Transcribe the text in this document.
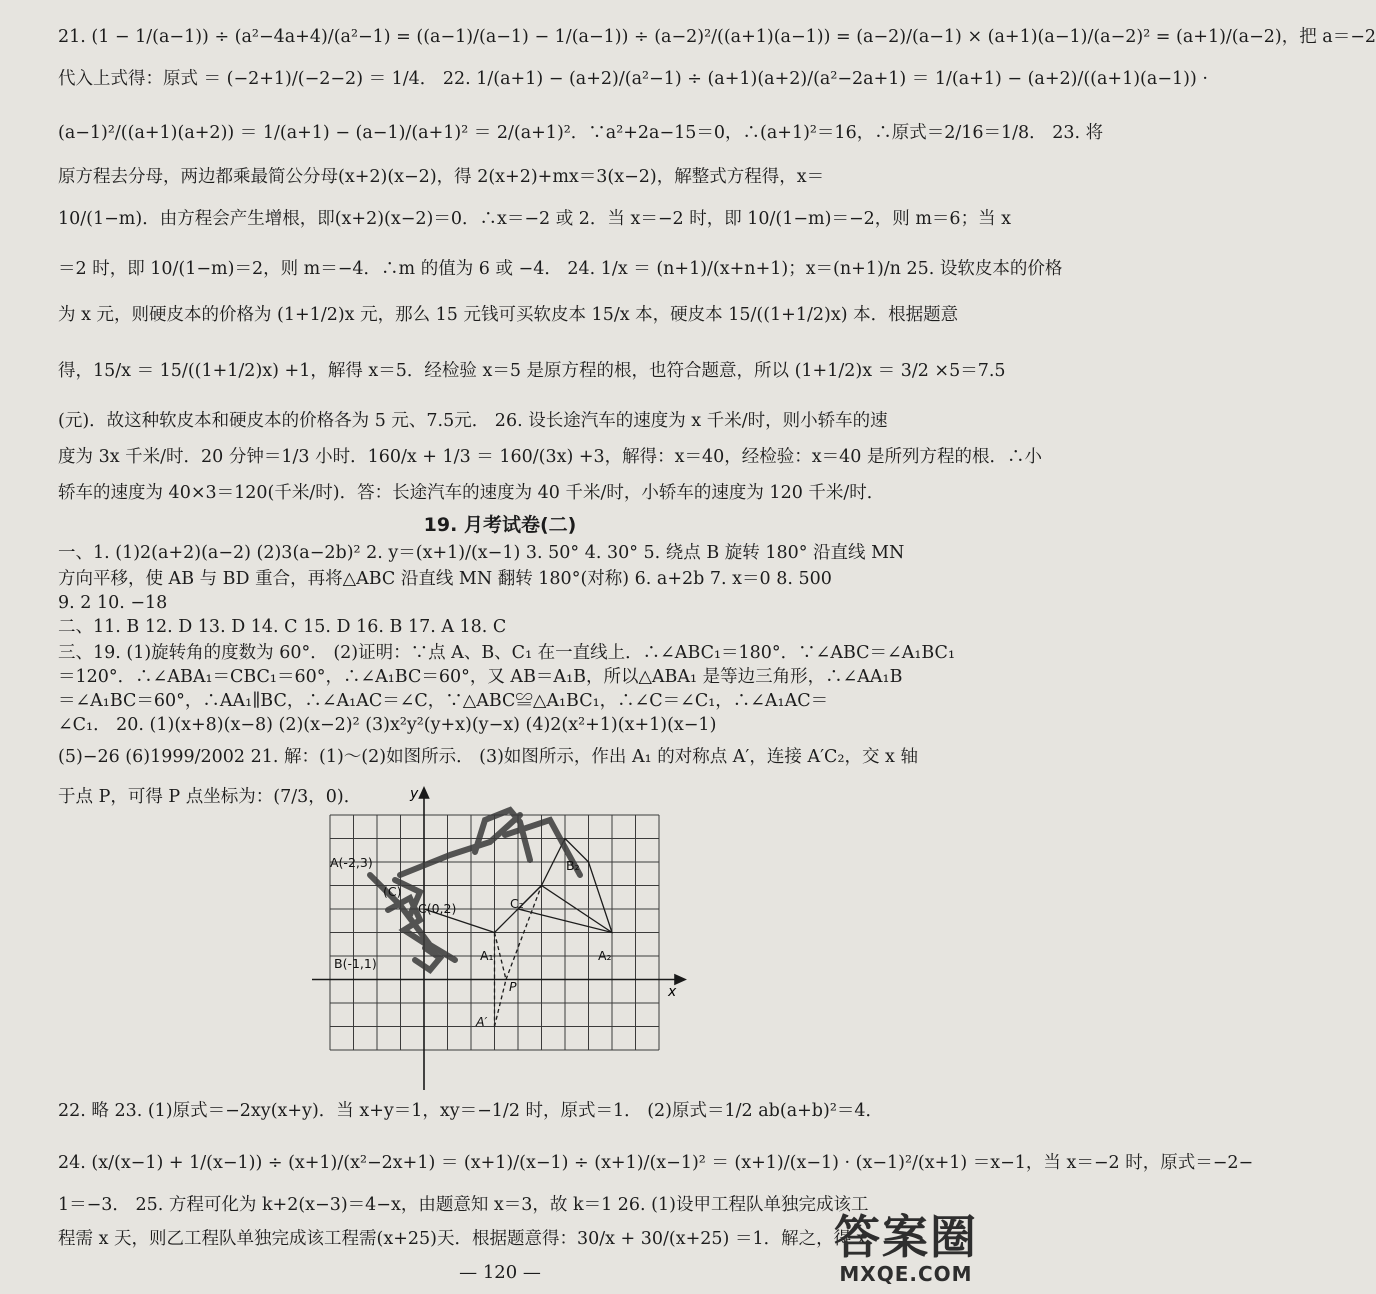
21. (1 − 1/(a−1)) ÷ (a²−4a+4)/(a²−1) = ((a−1)/(a−1) − 1/(a−1)) ÷ (a−2)²/((a+1)(a−1)) = (a−2)/(a−1) × (a+1)(a−1)/(a−2)² = (a+1)/(a−2)，把 a＝−2
代入上式得：原式 ＝ (−2+1)/(−2−2) ＝ 1/4． 22. 1/(a+1) − (a+2)/(a²−1) ÷ (a+1)(a+2)/(a²−2a+1) ＝ 1/(a+1) − (a+2)/((a+1)(a−1)) ·
(a−1)²/((a+1)(a+2)) ＝ 1/(a+1) − (a−1)/(a+1)² ＝ 2/(a+1)²．∵a²+2a−15＝0，∴(a+1)²＝16，∴原式＝2/16＝1/8． 23. 将
原方程去分母，两边都乘最简公分母(x+2)(x−2)，得 2(x+2)+mx＝3(x−2)，解整式方程得，x＝
10/(1−m)．由方程会产生增根，即(x+2)(x−2)＝0．∴x＝−2 或 2．当 x＝−2 时，即 10/(1−m)＝−2，则 m＝6；当 x
＝2 时，即 10/(1−m)＝2，则 m＝−4．∴m 的值为 6 或 −4． 24. 1/x ＝ (n+1)/(x+n+1)；x＝(n+1)/n 25. 设软皮本的价格
为 x 元，则硬皮本的价格为 (1+1/2)x 元，那么 15 元钱可买软皮本 15/x 本，硬皮本 15/((1+1/2)x) 本．根据题意
得，15/x ＝ 15/((1+1/2)x) +1，解得 x＝5．经检验 x＝5 是原方程的根，也符合题意，所以 (1+1/2)x ＝ 3/2 ×5＝7.5
(元)．故这种软皮本和硬皮本的价格各为 5 元、7.5元． 26. 设长途汽车的速度为 x 千米/时，则小轿车的速
度为 3x 千米/时．20 分钟＝1/3 小时．160/x + 1/3 ＝ 160/(3x) +3，解得：x＝40，经检验：x＝40 是所列方程的根．∴小
轿车的速度为 40×3＝120(千米/时)．答：长途汽车的速度为 40 千米/时，小轿车的速度为 120 千米/时．
19. 月考试卷(二)
一、1. (1)2(a+2)(a−2) (2)3(a−2b)² 2. y＝(x+1)/(x−1) 3. 50° 4. 30° 5. 绕点 B 旋转 180° 沿直线 MN
方向平移，使 AB 与 BD 重合，再将△ABC 沿直线 MN 翻转 180°(对称) 6. a+2b 7. x＝0 8. 500
9. 2 10. −18
二、11. B 12. D 13. D 14. C 15. D 16. B 17. A 18. C
三、19. (1)旋转角的度数为 60°． (2)证明：∵点 A、B、C₁ 在一直线上．∴∠ABC₁＝180°．∵∠ABC＝∠A₁BC₁
＝120°．∴∠ABA₁＝CBC₁＝60°，∴∠A₁BC＝60°，又 AB＝A₁B，所以△ABA₁ 是等边三角形，∴∠AA₁B
＝∠A₁BC＝60°，∴AA₁∥BC，∴∠A₁AC＝∠C，∵△ABC≌△A₁BC₁，∴∠C＝∠C₁，∴∠A₁AC＝
∠C₁． 20. (1)(x+8)(x−8) (2)(x−2)² (3)x²y²(y+x)(y−x) (4)2(x²+1)(x+1)(x−1)
(5)−26 (6)1999/2002 21. 解：(1)～(2)如图所示． (3)如图所示，作出 A₁ 的对称点 A′，连接 A′C₂，交 x 轴
于点 P，可得 P 点坐标为：(7/3，0)．
x
y
A(-2,3)
B(-1,1)
C(0,2)
(C)
C₂
A₁	A₂
B₂
P
A′
22. 略 23. (1)原式＝−2xy(x+y)．当 x+y＝1，xy＝−1/2 时，原式＝1． (2)原式＝1/2 ab(a+b)²＝4．
24. (x/(x−1) + 1/(x−1)) ÷ (x+1)/(x²−2x+1) ＝ (x+1)/(x−1) ÷ (x+1)/(x−1)² ＝ (x+1)/(x−1) · (x−1)²/(x+1) ＝x−1，当 x＝−2 时，原式＝−2−
1＝−3． 25. 方程可化为 k+2(x−3)＝4−x，由题意知 x＝3，故 k＝1 26. (1)设甲工程队单独完成该工
程需 x 天，则乙工程队单独完成该工程需(x+25)天．根据题意得：30/x + 30/(x+25) ＝1．解之，得 x
— 120 —
答案圈
MXQE.COM
